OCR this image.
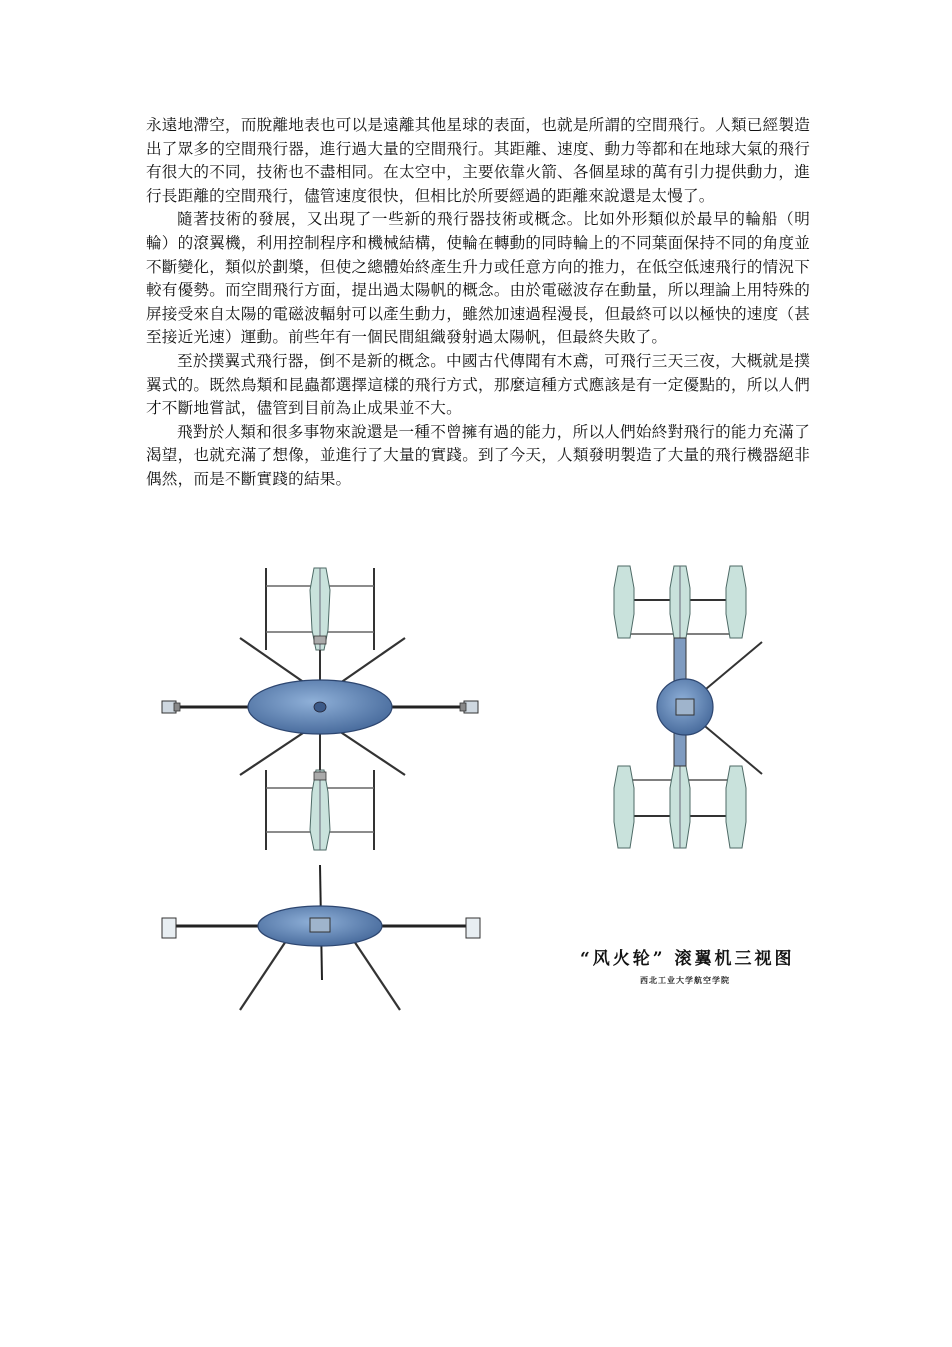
永遠地滯空，而脫離地表也可以是遠離其他星球的表面，也就是所謂的空間飛行。人類已經製造出了眾多的空間飛行器，進行過大量的空間飛行。其距離、速度、動力等都和在地球大氣的飛行有很大的不同，技術也不盡相同。在太空中，主要依靠火箭、各個星球的萬有引力提供動力，進行長距離的空間飛行，儘管速度很快，但相比於所要經過的距離來說還是太慢了。

隨著技術的發展，又出現了一些新的飛行器技術或概念。比如外形類似於最早的輪船（明輪）的滾翼機，利用控制程序和機械結構，使輪在轉動的同時輪上的不同葉面保持不同的角度並不斷變化，類似於劃槳，但使之總體始終產生升力或任意方向的推力，在低空低速飛行的情況下較有優勢。而空間飛行方面，提出過太陽帆的概念。由於電磁波存在動量，所以理論上用特殊的屏接受來自太陽的電磁波輻射可以產生動力，雖然加速過程漫長，但最終可以以極快的速度（甚至接近光速）運動。前些年有一個民間組織發射過太陽帆，但最終失敗了。

至於撲翼式飛行器，倒不是新的概念。中國古代傳聞有木鳶，可飛行三天三夜，大概就是撲翼式的。既然鳥類和昆蟲都選擇這樣的飛行方式，那麼這種方式應該是有一定優點的，所以人們才不斷地嘗試，儘管到目前為止成果並不大。

飛對於人類和很多事物來說還是一種不曾擁有過的能力，所以人們始終對飛行的能力充滿了渴望，也就充滿了想像，並進行了大量的實踐。到了今天，人類發明製造了大量的飛行機器絕非偶然，而是不斷實踐的結果。

“风火轮” 滚翼机三视图
西北工业大学航空学院
